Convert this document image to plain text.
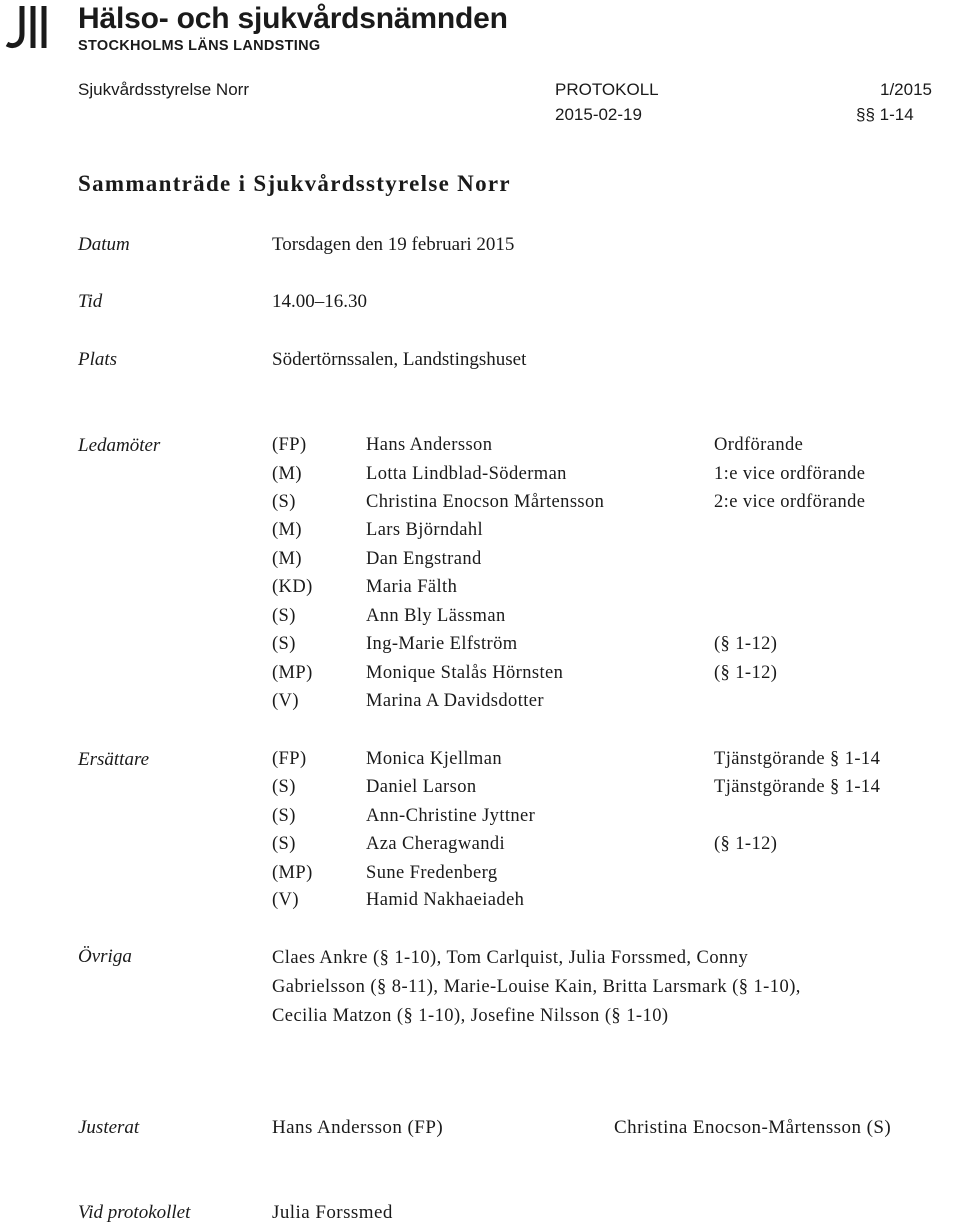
Hälso- och sjukvårdsnämnden
STOCKHOLMS LÄNS LANDSTING
Sjukvårdsstyrelse Norr	PROTOKOLL	1/2015
2015-02-19	§§ 1-14
Sammanträde i Sjukvårdsstyrelse Norr
Datum	Torsdagen den 19 februari 2015
Tid	14.00–16.30
Plats	Södertörnssalen, Landstingshuset
Ledamöter	(FP)	Hans Andersson	Ordförande
(M)	Lotta Lindblad-Söderman	1:e vice ordförande
(S)	Christina Enocson Mårtensson	2:e vice ordförande
(M)	Lars Björndahl
(M)	Dan Engstrand
(KD)	Maria Fälth
(S)	Ann Bly Lässman
(S)	Ing-Marie Elfström	(§ 1-12)
(MP)	Monique Stalås Hörnsten	(§ 1-12)
(V)	Marina A Davidsdotter
Ersättare	(FP)	Monica Kjellman	Tjänstgörande § 1-14
(S)	Daniel Larson	Tjänstgörande § 1-14
(S)	Ann-Christine Jyttner
(S)	Aza Cheragwandi	(§ 1-12)
(MP)	Sune Fredenberg
(V)	Hamid Nakhaeiadeh
Övriga	Claes Ankre (§ 1-10), Tom Carlquist, Julia Forssmed, Conny
Gabrielsson (§ 8-11), Marie-Louise Kain, Britta Larsmark (§ 1-10),
Cecilia Matzon (§ 1-10), Josefine Nilsson (§ 1-10)
Justerat	Hans Andersson (FP)	Christina Enocson-Mårtensson (S)
Vid protokollet	Julia Forssmed
